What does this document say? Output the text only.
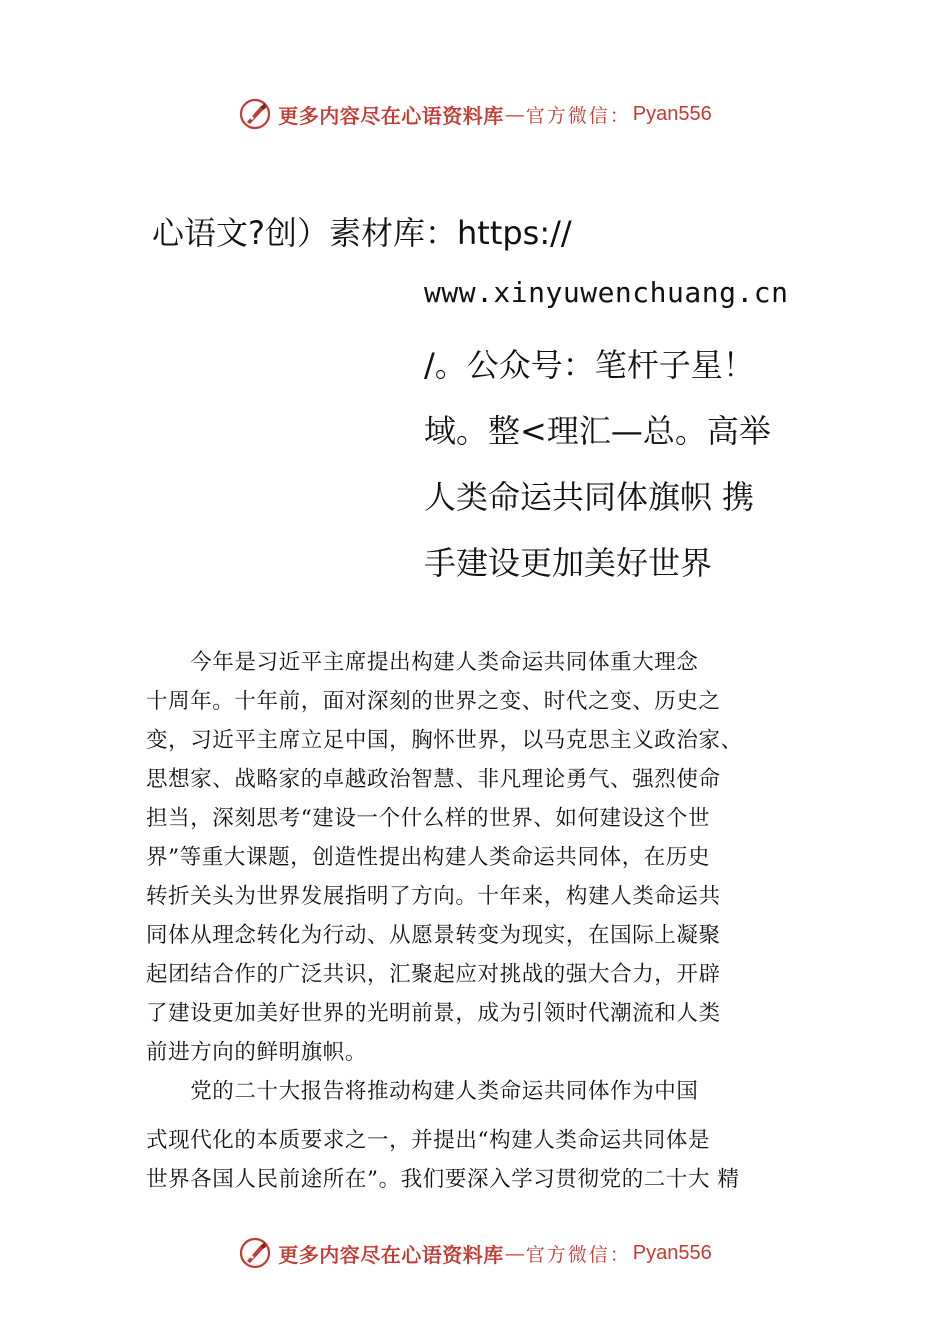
更多内容尽在心语资料库 — 官方微信 ： Pyan556
心语文?创）素材库：https://
www.xinyuwenchuang.cn
/。公众号：笔杆子星！
域。整<理汇—总。高举
人类命运共同体旗帜 携
手建设更加美好世界
　　今年是习近平主席提出构建人类命运共同体重大理念
十周年。十年前，面对深刻的世界之变、时代之变、历史之
变，习近平主席立足中国，胸怀世界，以马克思主义政治家、
思想家、战略家的卓越政治智慧、非凡理论勇气、强烈使命
担当，深刻思考“建设一个什么样的世界、如何建设这个世
界”等重大课题，创造性提出构建人类命运共同体，在历史
转折关头为世界发展指明了方向。十年来，构建人类命运共
同体从理念转化为行动、从愿景转变为现实，在国际上凝聚
起团结合作的广泛共识，汇聚起应对挑战的强大合力，开辟
了建设更加美好世界的光明前景，成为引领时代潮流和人类
前进方向的鲜明旗帜。
　　党的二十大报告将推动构建人类命运共同体作为中国
式现代化的本质要求之一，并提出“构建人类命运共同体是
世界各国人民前途所在”。我们要深入学习贯彻党的二十大 精
更多内容尽在心语资料库 — 官方微信 ： Pyan556
